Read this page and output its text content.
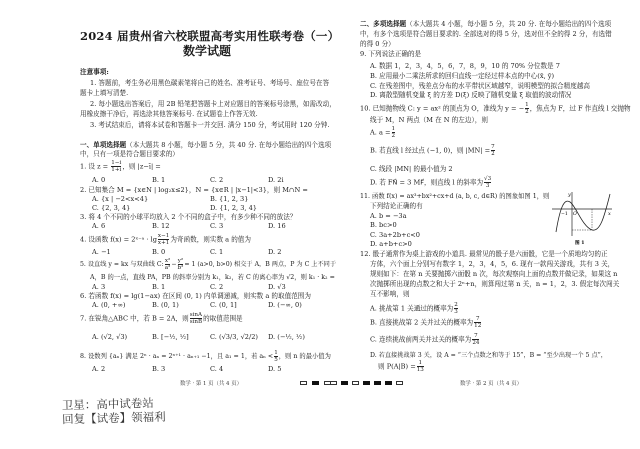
2024 届贵州省六校联盟高考实用性联考卷（一）
数学试题
注意事项:
1. 答题前，考生务必用黑色碳素笔将自己的姓名、准考证号、考场号、座位号在答
题卡上填写清楚.
2. 每小题选出答案后，用 2B 铅笔把答题卡上对应题目的答案标号涂黑，如需改动，
用橡皮擦干净后，再选涂其他答案标号. 在试题卷上作答无效.
3. 考试结束后，请将本试卷和答题卡一并交回. 满分 150 分，考试用时 120 分钟.
一、单项选择题（本大题共 8 小题，每小题 5 分，共 40 分. 在每小题给出的四个选项
中，只有一项是符合题目要求的）
1. 设 $z = \frac{1-i}{1+i}$ ，则 |z−ī| =
A. 0	B. 1	C. 2	D. 2i
2. 已知集合 M = {x∈N | log₂x≤2}，N = {x∈R | |x−1|<3}，则 M∩N =
A. {x | −2<x<4}	B. {1, 2, 3}
C. {2, 3, 4}	D. {1, 2, 3, 4}
3. 将 4 个不同的小球平均放入 2 个不同的盒子中，有多少种不同的放法？
A. 6	B. 12	C. 3	D. 16
4. 设函数 f(x) = 2ˣ⁻ᵃ · $\lg \frac{x-1}{x+1}$ 为奇函数，则实数 a 的值为
A. −1	B. 0	C. 1	D. 2
5. 设直线 y = kx 与双曲线 C: $\frac{\text{x²}}{\text{a²}} - \frac{\text{y²}}{\text{b²}} = 1$ (a>0, b>0) 相交于 A，B 两点，P 为 C 上不同于
A，B 的一点，直线 PA，PB 的斜率分别为 k₁，k₂，若 C 的离心率为 √2，则 k₁ · k₂ =
A. 3	B. 1	C. 2	D. √3
6. 若函数 f(x) = lg(1−ax) 在区间 (0, 1) 内单调递减，则实数 a 的取值范围为
A. (0, +∞)	B. (0, 1)	C. (0, 1]	D. (−∞, 0)
7. 在锐角△ABC 中，若 B = 2A，则 $\frac{\sin A}{\sin B}$ 的取值范围是
A. (√2, √3)	B. [−½, ½]	C. (√3/3, √2/2) D. (−½, ½)
8. 设数列 {aₙ} 满足 2ⁿ · aₙ = 2ⁿ⁺¹ · aₙ₊₁ −1，且 a₁ = 1，若 $a_n < \frac{1}{5}$ ，则 n 的最小值为
A. 2	B. 3	C. 4	D. 5
数学 · 第 1 页（共 4 页）
二、多项选择题（本大题共 4 小题，每小题 5 分，共 20 分. 在每小题给出的四个选项
中，有多个选项是符合题目要求的. 全部选对的得 5 分，选对但不全的得 2 分，有选错
的得 0 分）
9. 下列说法正确的是
A. 数据 1，2，3，4，5，6，7，8，9，10 的 70% 分位数是 7
B. 应用最小二乘法所求的回归直线一定经过样本点的中心(x̄, ȳ)
C. 在残差图中，残差点分布的水平带状区域越窄，说明模型的拟合精度越高
D. 离散型随机变量 ξ 的方差 D(ξ) 反映了随机变量 ξ 取值的波动情况
10. 已知抛物线 C: y = ax² 的顶点为 O，准线为 y = − $\frac{1}{2}$ ，焦点为 F，过 F 作直线 l 交抛物
线于 M，N 两点（M 在 N 的左边），则
A. $a = \frac{1}{2}$
B. 若直线 l 经过点 (−1, 0)，则 $|MN| = \frac{7}{2}$
C. 线段 |MN| 的最小值为 2
D. 若 FN⃗ = 3 MF⃗，则直线 l 的斜率为 $\frac{√3}{3}$
11. 函数 f(x) = ax³+bx²+cx+d (a, b, c, d∈R) 的图象如图 1，则
下列结论正确的有
A. b = −3a
B. bc>0
C. 3a+2b+c<0
D. a+b+c>0
y
x
−1 O
图 1
12. 骰子通常作为桌上游戏的小道具. 最常见的骰子是六面骰，它是一个质地均匀的正
方体，六个面上分别写有数字 1，2，3，4，5，6. 现有一款闯关游戏，共有 3 关，
规则如下：在第 n 关要抛掷六面骰 n 次，每次观察向上面的点数并做记录，如果这 n
次抛掷所出现的点数之和大于 2ⁿ+n，则算闯过第 n 关，n = 1，2，3. 假定每次闯关
互不影响，则
A. 挑战第 1 关通过的概率为 $\frac{2}{3}$
B. 直接挑战第 2 关并过关的概率为 $\frac{7}{12}$
C. 连续挑战前两关并过关的概率为 $\frac{7}{24}$
D. 若直接挑战第 3 关，设 A = “三个点数之和等于 15”，B = “至少出现一个 5 点”，
则 $P(A|B) = \frac{1}{13}$
数学 · 第 2 页（共 4 页）
卫星：高中试卷站
回复【试卷】领福利
